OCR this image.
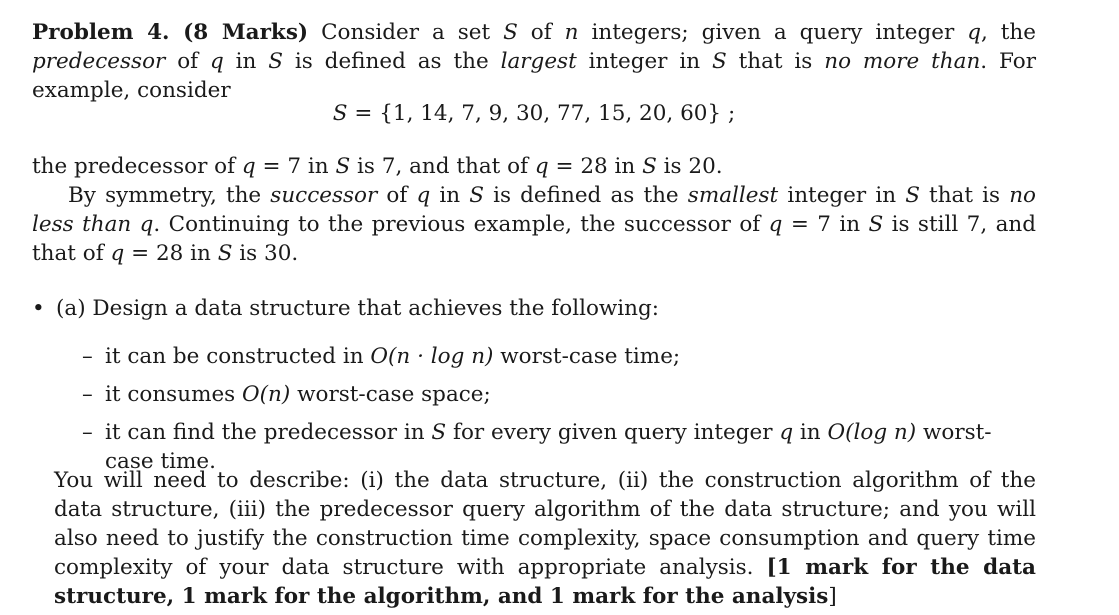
Problem 4. (8 Marks) Consider a set S of n integers; given a query integer q, the predecessor of q in S is defined as the largest integer in S that is no more than. For example, consider

S = {1, 14, 7, 9, 30, 77, 15, 20, 60} ;

the predecessor of q = 7 in S is 7, and that of q = 28 in S is 20.

By symmetry, the successor of q in S is defined as the smallest integer in S that is no less than q. Continuing to the previous example, the successor of q = 7 in S is still 7, and that of q = 28 in S is 30.

• (a) Design a data structure that achieves the following:
– it can be constructed in O(n · log n) worst-case time;
– it consumes O(n) worst-case space;
– it can find the predecessor in S for every given query integer q in O(log n) worst-case time.

You will need to describe: (i) the data structure, (ii) the construction algorithm of the data structure, (iii) the predecessor query algorithm of the data structure; and you will also need to justify the construction time complexity, space consumption and query time complexity of your data structure with appropriate analysis. [1 mark for the data structure, 1 mark for the algorithm, and 1 mark for the analysis]
